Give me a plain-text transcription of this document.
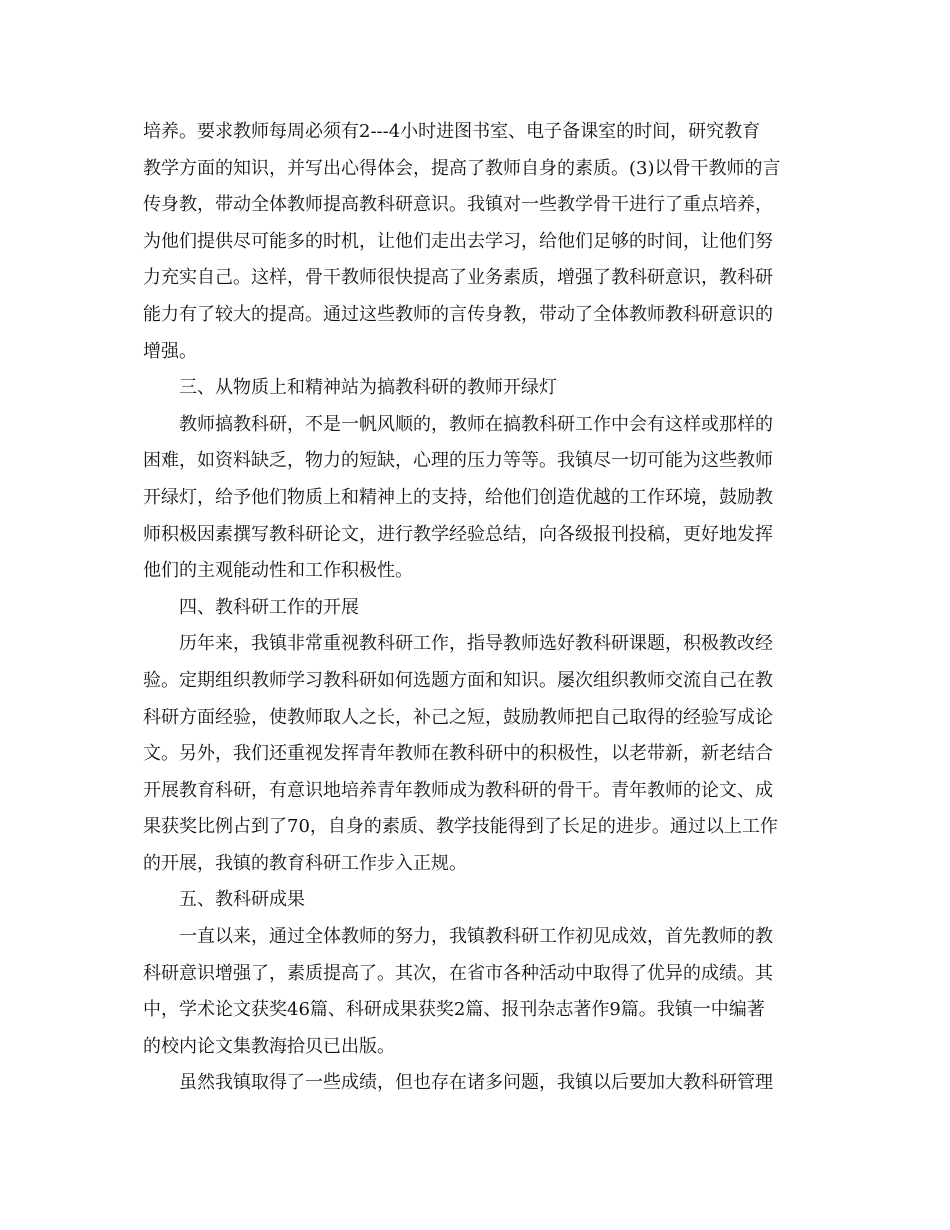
培养。要求教师每周必须有2---4小时进图书室、电子备课室的时间，研究教育
教学方面的知识，并写出心得体会，提高了教师自身的素质。(3)以骨干教师的言
传身教，带动全体教师提高教科研意识。我镇对一些教学骨干进行了重点培养，
为他们提供尽可能多的时机，让他们走出去学习，给他们足够的时间，让他们努
力充实自己。这样，骨干教师很快提高了业务素质，增强了教科研意识，教科研
能力有了较大的提高。通过这些教师的言传身教，带动了全体教师教科研意识的
增强。
三、从物质上和精神站为搞教科研的教师开绿灯
教师搞教科研，不是一帆风顺的，教师在搞教科研工作中会有这样或那样的
困难，如资料缺乏，物力的短缺，心理的压力等等。我镇尽一切可能为这些教师
开绿灯，给予他们物质上和精神上的支持，给他们创造优越的工作环境，鼓励教
师积极因素撰写教科研论文，进行教学经验总结，向各级报刊投稿，更好地发挥
他们的主观能动性和工作积极性。
四、教科研工作的开展
历年来，我镇非常重视教科研工作，指导教师选好教科研课题，积极教改经
验。定期组织教师学习教科研如何选题方面和知识。屡次组织教师交流自己在教
科研方面经验，使教师取人之长，补己之短，鼓励教师把自己取得的经验写成论
文。另外，我们还重视发挥青年教师在教科研中的积极性，以老带新，新老结合
开展教育科研，有意识地培养青年教师成为教科研的骨干。青年教师的论文、成
果获奖比例占到了70，自身的素质、教学技能得到了长足的进步。通过以上工作
的开展，我镇的教育科研工作步入正规。
五、教科研成果
一直以来，通过全体教师的努力，我镇教科研工作初见成效，首先教师的教
科研意识增强了，素质提高了。其次，在省市各种活动中取得了优异的成绩。其
中，学术论文获奖46篇、科研成果获奖2篇、报刊杂志著作9篇。我镇一中编著
的校内论文集教海拾贝已出版。
虽然我镇取得了一些成绩，但也存在诸多问题，我镇以后要加大教科研管理
